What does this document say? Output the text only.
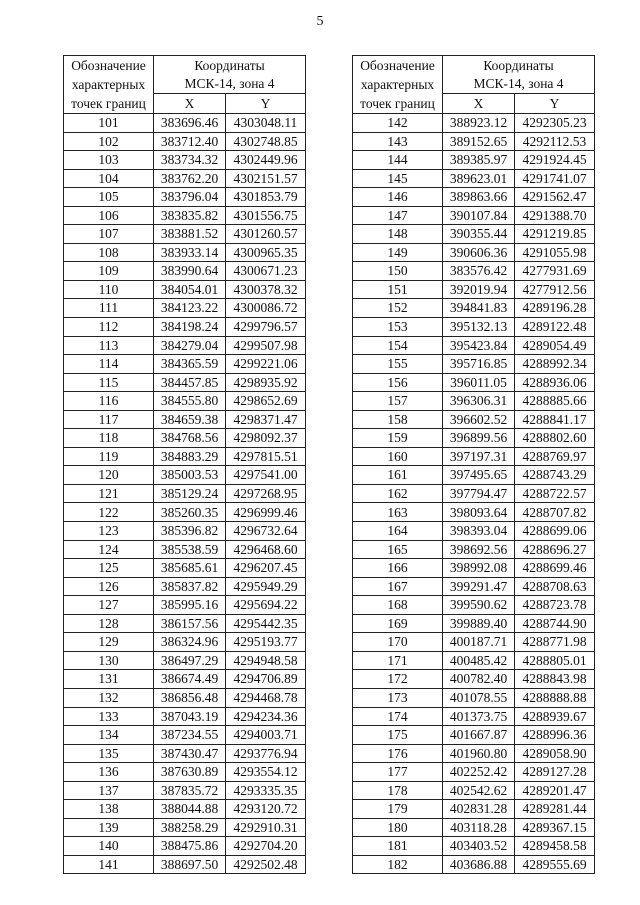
5
Обозначение
характерных
точек границ	Координаты	
	МСК-14, зона 4	
	X	Y
101	383696.46	4303048.11
102	383712.40	4302748.85
103	383734.32	4302449.96
104	383762.20	4302151.57
105	383796.04	4301853.79
106	383835.82	4301556.75
107	383881.52	4301260.57
108	383933.14	4300965.35
109	383990.64	4300671.23
110	384054.01	4300378.32
111	384123.22	4300086.72
112	384198.24	4299796.57
113	384279.04	4299507.98
114	384365.59	4299221.06
115	384457.85	4298935.92
116	384555.80	4298652.69
117	384659.38	4298371.47
118	384768.56	4298092.37
119	384883.29	4297815.51
120	385003.53	4297541.00
121	385129.24	4297268.95
122	385260.35	4296999.46
123	385396.82	4296732.64
124	385538.59	4296468.60
125	385685.61	4296207.45
126	385837.82	4295949.29
127	385995.16	4295694.22
128	386157.56	4295442.35
129	386324.96	4295193.77
130	386497.29	4294948.58
131	386674.49	4294706.89
132	386856.48	4294468.78
133	387043.19	4294234.36
134	387234.55	4294003.71
135	387430.47	4293776.94
136	387630.89	4293554.12
137	387835.72	4293335.35
138	388044.88	4293120.72
139	388258.29	4292910.31
140	388475.86	4292704.20
141	388697.50	4292502.48
Обозначение
характерных
точек границ	Координаты	
	МСК-14, зона 4	
	X	Y
142	388923.12	4292305.23
143	389152.65	4292112.53
144	389385.97	4291924.45
145	389623.01	4291741.07
146	389863.66	4291562.47
147	390107.84	4291388.70
148	390355.44	4291219.85
149	390606.36	4291055.98
150	383576.42	4277931.69
151	392019.94	4277912.56
152	394841.83	4289196.28
153	395132.13	4289122.48
154	395423.84	4289054.49
155	395716.85	4288992.34
156	396011.05	4288936.06
157	396306.31	4288885.66
158	396602.52	4288841.17
159	396899.56	4288802.60
160	397197.31	4288769.97
161	397495.65	4288743.29
162	397794.47	4288722.57
163	398093.64	4288707.82
164	398393.04	4288699.06
165	398692.56	4288696.27
166	398992.08	4288699.46
167	399291.47	4288708.63
168	399590.62	4288723.78
169	399889.40	4288744.90
170	400187.71	4288771.98
171	400485.42	4288805.01
172	400782.40	4288843.98
173	401078.55	4288888.88
174	401373.75	4288939.67
175	401667.87	4288996.36
176	401960.80	4289058.90
177	402252.42	4289127.28
178	402542.62	4289201.47
179	402831.28	4289281.44
180	403118.28	4289367.15
181	403403.52	4289458.58
182	403686.88	4289555.69
